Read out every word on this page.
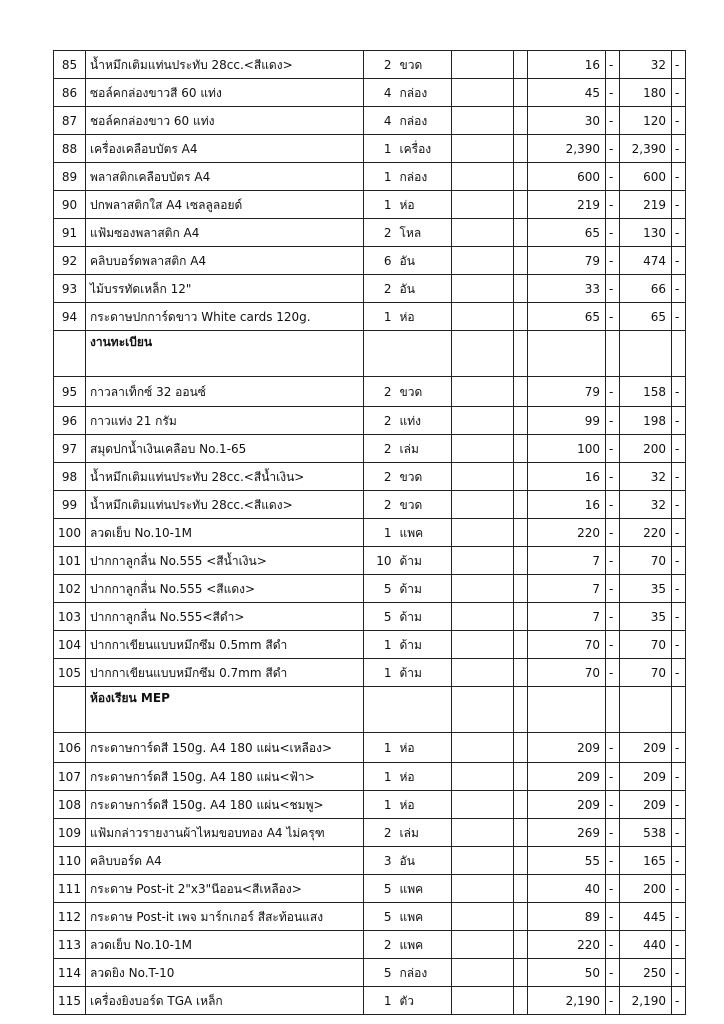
85	น้ำหมึกเติมแท่นประทับ 28cc.<สีแดง>	2	ขวด			16	-	32	-
86	ซอล์คกล่องขาวสี 60 แท่ง	4	กล่อง			45	-	180	-
87	ชอล์คกล่องขาว 60 แท่ง	4	กล่อง			30	-	120	-
88	เครื่องเคลือบบัตร A4	1	เครื่อง			2,390	-	2,390	-
89	พลาสติกเคลือบบัตร A4	1	กล่อง			600	-	600	-
90	ปกพลาสติกใส A4 เซลลูลอยด์	1	ห่อ			219	-	219	-
91	แฟ้มซองพลาสติก A4	2	โหล			65	-	130	-
92	คลิบบอร์ดพลาสติก A4	6	อัน			79	-	474	-
93	ไม้บรรทัดเหล็ก 12"	2	อัน			33	-	66	-
94	กระดาษปกการ์ดขาว White cards 120g.	1	ห่อ			65	-	65	-
	งานทะเบียน								
95	กาวลาเท็กซ์ 32 ออนซ์	2	ขวด			79	-	158	-
96	กาวแท่ง 21 กรัม	2	แท่ง			99	-	198	-
97	สมุดปกน้ำเงินเคลือบ No.1-65	2	เล่ม			100	-	200	-
98	น้ำหมึกเติมแท่นประทับ 28cc.<สีน้ำเงิน>	2	ขวด			16	-	32	-
99	น้ำหมึกเติมแท่นประทับ 28cc.<สีแดง>	2	ขวด			16	-	32	-
100	ลวดเย็บ No.10-1M	1	แพค			220	-	220	-
101	ปากกาลูกลื่น No.555 <สีน้ำเงิน>	10	ด้าม			7	-	70	-
102	ปากกาลูกลื่น No.555 <สีแดง>	5	ด้าม			7	-	35	-
103	ปากกาลูกลื่น No.555<สีดำ>	5	ด้าม			7	-	35	-
104	ปากกาเขียนแบบหมึกซึม 0.5mm สีดำ	1	ด้าม			70	-	70	-
105	ปากกาเขียนแบบหมึกซึม 0.7mm สีดำ	1	ด้าม			70	-	70	-
	ห้องเรียน MEP								
106	กระดาษการ์ดสี 150g. A4 180 แผ่น<เหลือง>	1	ห่อ			209	-	209	-
107	กระดาษการ์ดสี 150g. A4 180 แผ่น<ฟ้า>	1	ห่อ			209	-	209	-
108	กระดาษการ์ดสี 150g. A4 180 แผ่น<ชมพู>	1	ห่อ			209	-	209	-
109	แฟ้มกล่าวรายงานผ้าไหมขอบทอง A4 ไม่ครุฑ	2	เล่ม			269	-	538	-
110	คลิบบอร์ด A4	3	อัน			55	-	165	-
111	กระดาษ Post-it 2"x3"นีออน<สีเหลือง>	5	แพค			40	-	200	-
112	กระดาษ Post-it เพจ มาร์กเกอร์ สีสะท้อนแสง	5	แพค			89	-	445	-
113	ลวดเย็บ No.10-1M	2	แพค			220	-	440	-
114	ลวดยิง No.T-10	5	กล่อง			50	-	250	-
115	เครื่องยิงบอร์ด TGA เหล็ก	1	ตัว			2,190	-	2,190	-
